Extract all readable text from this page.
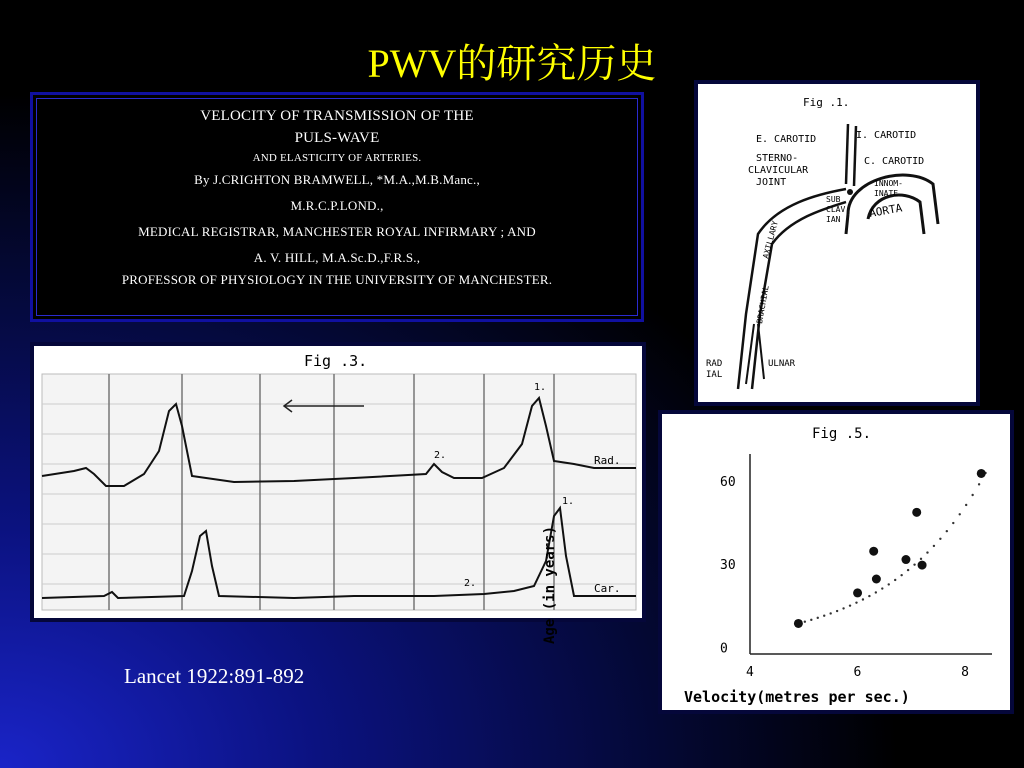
PWV的研究历史
VELOCITY OF TRANSMISSION OF THE
PULS-WAVE
AND ELASTICITY OF ARTERIES.
By J.CRIGHTON BRAMWELL, *M.A.,M.B.Manc.,
M.R.C.P.LOND.,
MEDICAL REGISTRAR, MANCHESTER ROYAL INFIRMARY ; AND
A. V. HILL, M.A.Sc.D.,F.R.S.,
PROFESSOR OF PHYSIOLOGY IN THE UNIVERSITY OF MANCHESTER.
Fig .1.
E. CAROTID	I. CAROTID
STERNO-
CLAVICULAR
JOINT
C. CAROTID
INNOM-
INATE
SUB
CLAV
IAN	AORTA
AXILLARY
BRACHIAL
RAD
IAL
ULNAR
Fig .3.
Rad.
Car.
1.
2.
1.
2.
Lancet 1922:891-892
Fig .5.
Age (in years)
Velocity(metres per sec.)
4	6	8
0
30
60
